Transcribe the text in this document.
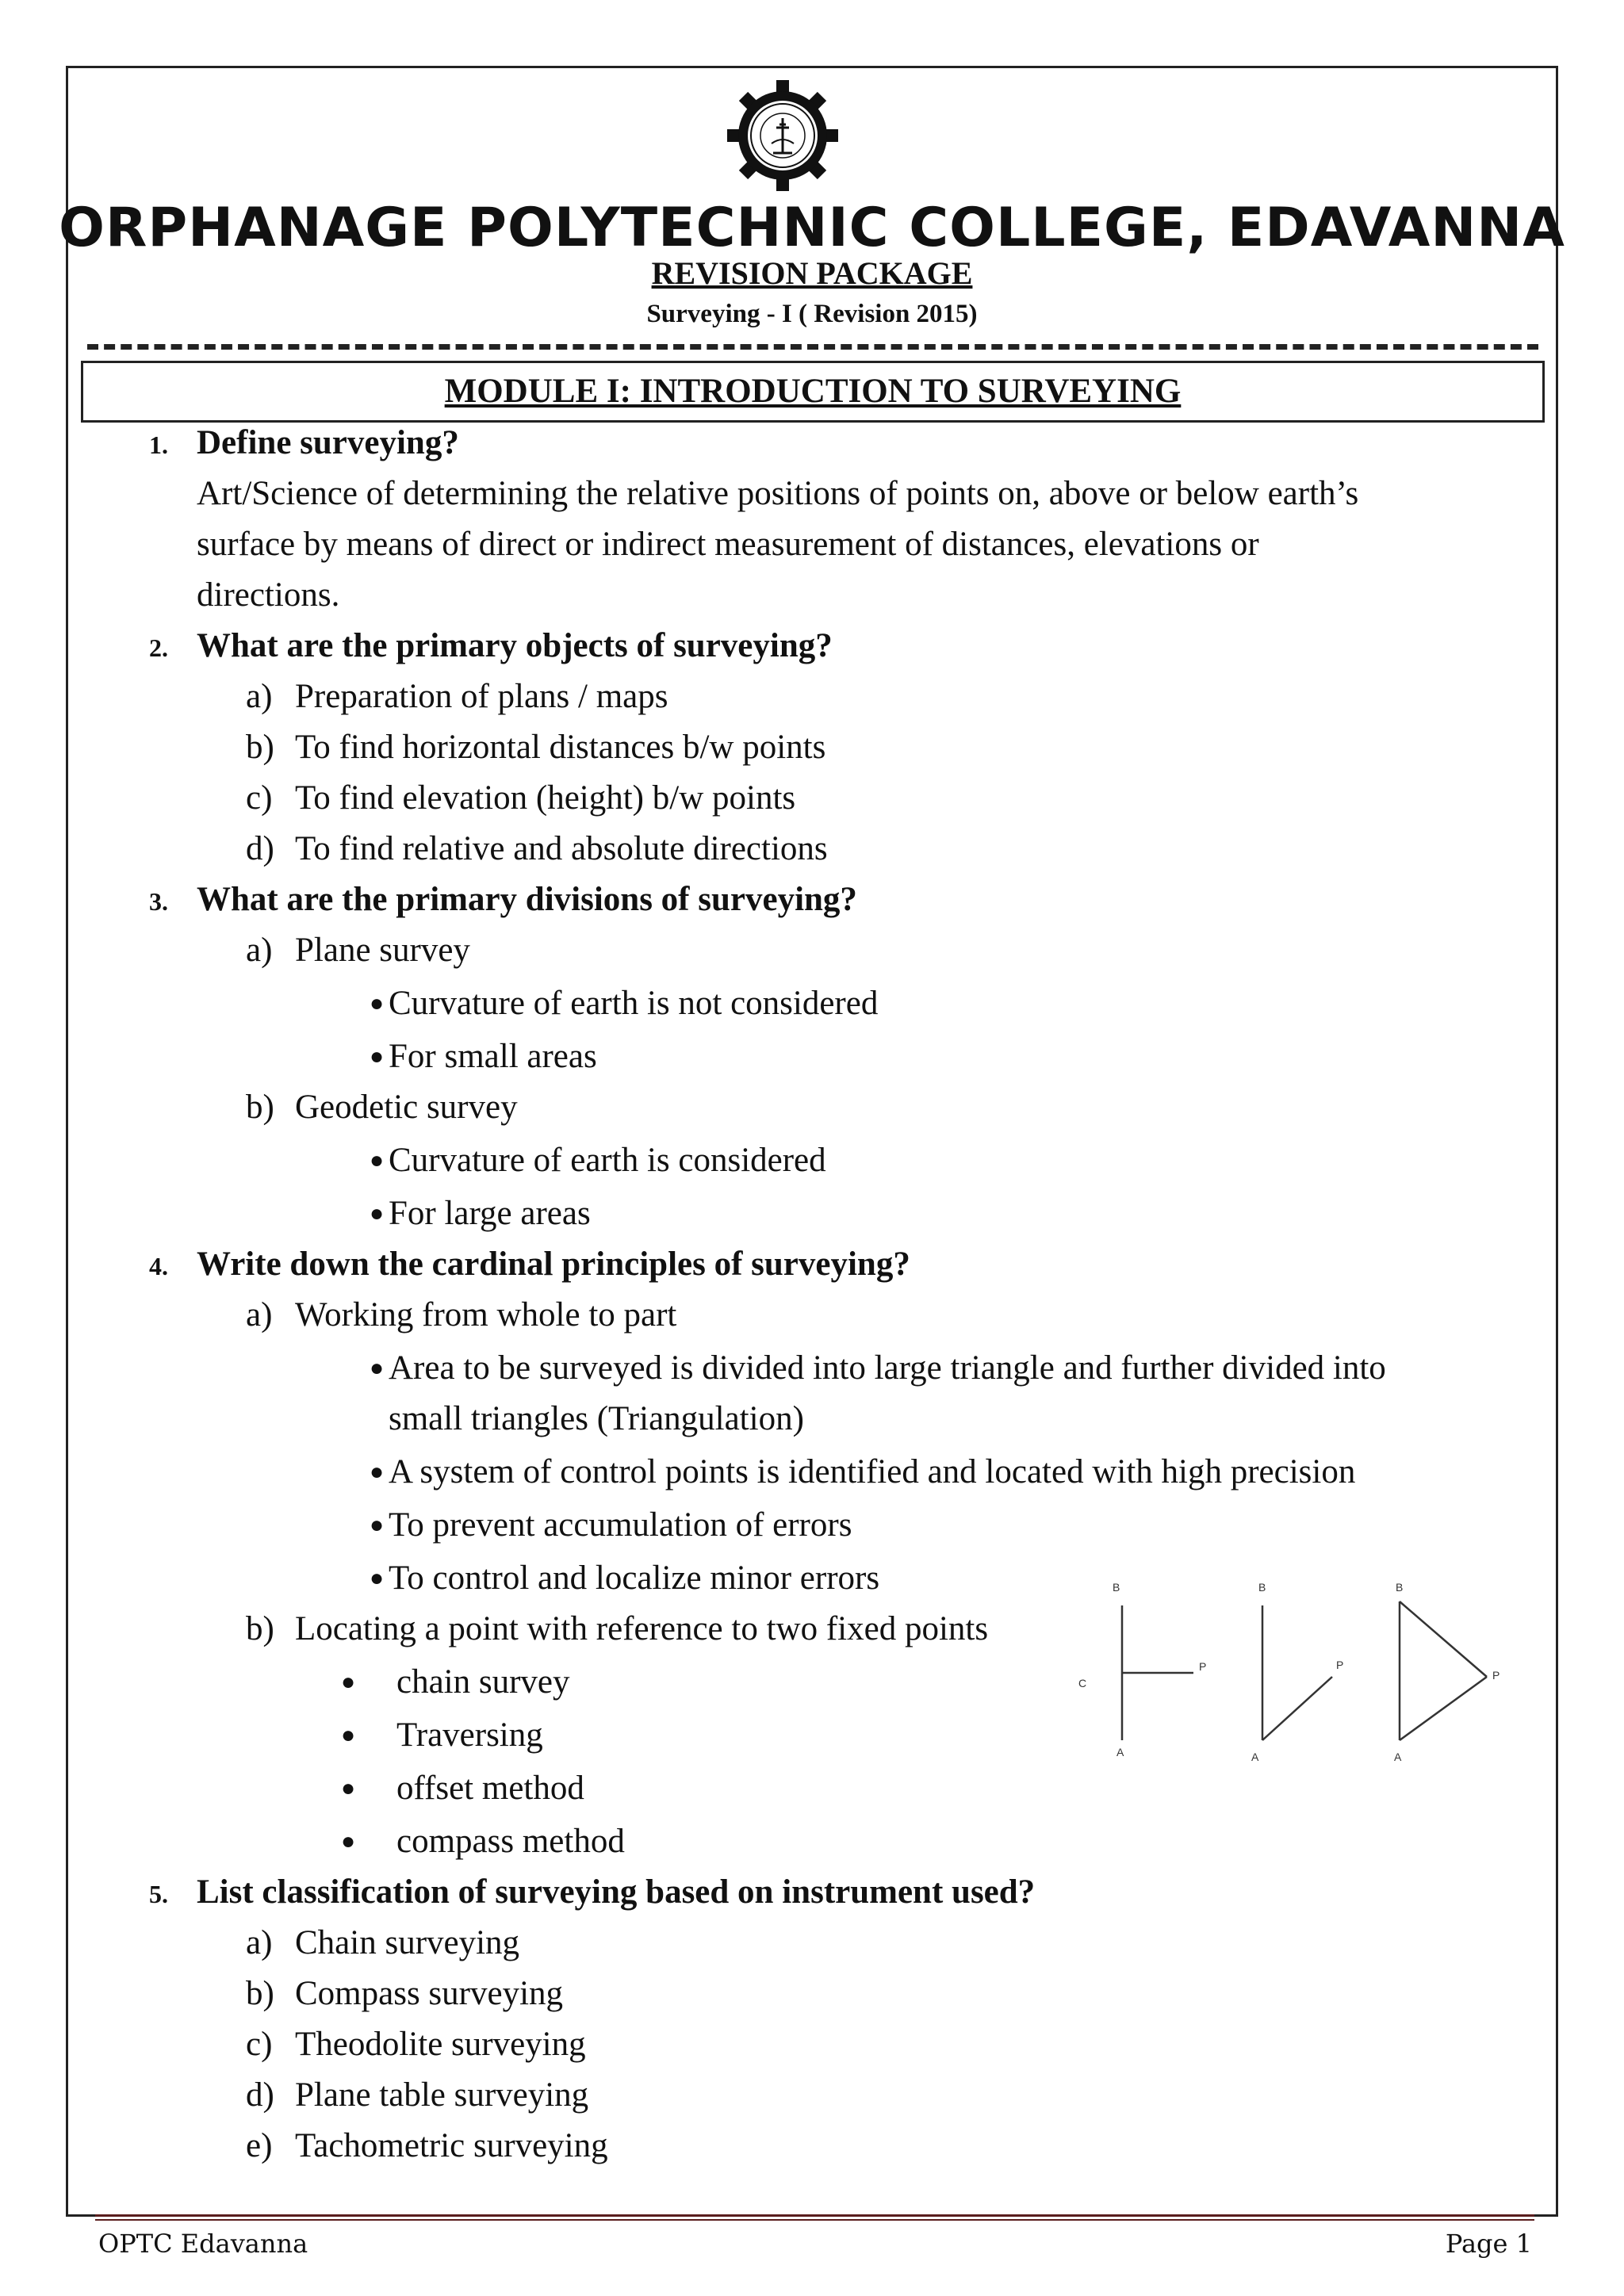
ORPHANAGE POLYTECHNIC COLLEGE, EDAVANNA
REVISION PACKAGE
Surveying - I ( Revision 2015)
MODULE I: INTRODUCTION TO SURVEYING
1. Define surveying?
Art/Science of determining the relative positions of points on, above or below earth’s
surface by means of direct or indirect measurement of distances, elevations or
directions.
2. What are the primary objects of surveying?
a) Preparation of plans / maps
b) To find horizontal distances b/w points
c) To find elevation (height) b/w points
d) To find relative and absolute directions
3. What are the primary divisions of surveying?
a) Plane survey
● Curvature of earth is not considered
● For small areas
b) Geodetic survey
● Curvature of earth is considered
● For large areas
4. Write down the cardinal principles of surveying?
a) Working from whole to part
● Area to be surveyed is divided into large triangle and further divided into
small triangles (Triangulation)
● A system of control points is identified and located with high precision
● To prevent accumulation of errors
● To control and localize minor errors
b) Locating a point with reference to two fixed points
● chain survey
● Traversing
● offset method
● compass method
B
C
P
A
B
P
A
B
P
A
5. List classification of surveying based on instrument used?
a) Chain surveying
b) Compass surveying
c) Theodolite surveying
d) Plane table surveying
e) Tachometric surveying
OPTC Edavanna	Page 1
